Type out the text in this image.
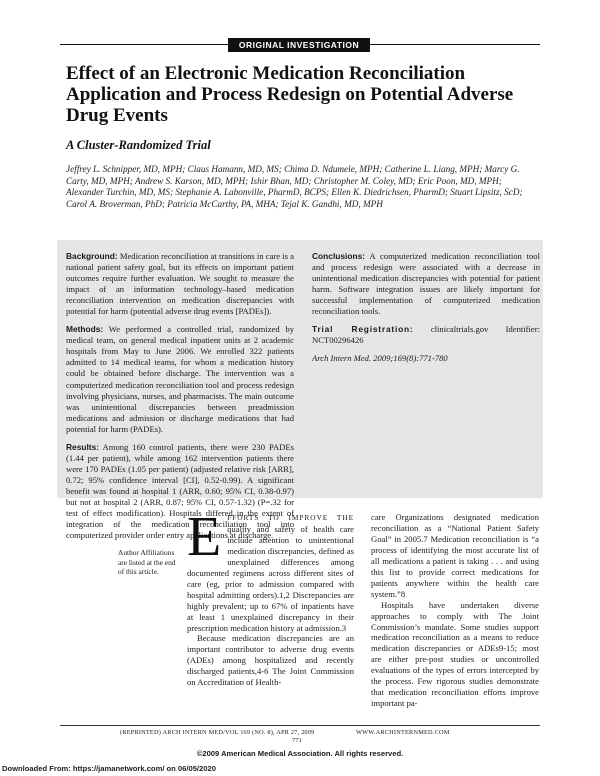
ORIGINAL INVESTIGATION
Effect of an Electronic Medication Reconciliation Application and Process Redesign on Potential Adverse Drug Events
A Cluster-Randomized Trial
Jeffrey L. Schnipper, MD, MPH; Claus Hamann, MD, MS; Chima D. Ndumele, MPH; Catherine L. Liang, MPH; Marcy G. Carty, MD, MPH; Andrew S. Karson, MD, MPH; Ishir Bhan, MD; Christopher M. Coley, MD; Eric Poon, MD, MPH; Alexander Turchin, MD, MS; Stephanie A. Labonville, PharmD, BCPS; Ellen K. Diedrichsen, PharmD; Stuart Lipsitz, ScD; Carol A. Broverman, PhD; Patricia McCarthy, PA, MHA; Tejal K. Gandhi, MD, MPH

Background: Medication reconciliation at transitions in care is a national patient safety goal, but its effects on important patient outcomes require further evaluation. We sought to measure the impact of an information technology–based medication reconciliation intervention on medication discrepancies with potential for harm (potential adverse drug events [PADEs]).

Methods: We performed a controlled trial, randomized by medical team, on general medical inpatient units at 2 academic hospitals from May to June 2006. We enrolled 322 patients admitted to 14 medical teams, for whom a medication history could be obtained before discharge. The intervention was a computerized medication reconciliation tool and process redesign involving physicians, nurses, and pharmacists. The main outcome was unintentional discrepancies between preadmission medications and admission or discharge medications that had potential for harm (PADEs).

Results: Among 160 control patients, there were 230 PADEs (1.44 per patient), while among 162 intervention patients there were 170 PADEs (1.05 per patient) (adjusted relative risk [ARR], 0.72; 95% confidence interval [CI], 0.52-0.99). A significant benefit was found at hospital 1 (ARR, 0.60; 95% CI, 0.38-0.97) but not at hospital 2 (ARR, 0.87; 95% CI, 0.57-1.32) (P=.32 for test of effect modification). Hospitals differed in the extent of integration of the medication reconciliation tool into computerized provider order entry applications at discharge.

Conclusions: A computerized medication reconciliation tool and process redesign were associated with a decrease in unintentional medication discrepancies with potential for patient harm. Software integration issues are likely important for successful implementation of computerized medication reconciliation tools.

Trial Registration: clinicaltrials.gov Identifier: NCT00296426

Arch Intern Med. 2009;169(8):771-780

Author Affiliations are listed at the end of this article.

EFFORTS TO IMPROVE THE quality and safety of health care include attention to unintentional medication discrepancies, defined as unexplained differences among documented regimens across different sites of care (eg, prior to admission compared with hospital admitting orders).1,2 Discrepancies are highly prevalent; up to 67% of inpatients have at least 1 unexplained discrepancy in their prescription medication history at admission.3

Because medication discrepancies are an important contributor to adverse drug events (ADEs) among hospitalized and recently discharged patients,4-6 The Joint Commission on Accreditation of Health-

care Organizations designated medication reconciliation as a “National Patient Safety Goal” in 2005.7 Medication reconciliation is “a process of identifying the most accurate list of all medications a patient is taking . . . and using this list to provide correct medications for patients anywhere within the health care system.”8

Hospitals have undertaken diverse approaches to comply with The Joint Commission’s mandate. Some studies support medication reconciliation as a means to reduce medication discrepancies or ADEs9-15; most are either pre-post studies or uncontrolled evaluations of the types of errors intercepted by the process. Few rigorous studies demonstrate that medication reconciliation efforts improve important pa-

(REPRINTED) ARCH INTERN MED/VOL 169 (NO. 8), APR 27, 2009	WWW.ARCHINTERNMED.COM
771
©2009 American Medical Association. All rights reserved.
Downloaded From: https://jamanetwork.com/ on 06/05/2020
